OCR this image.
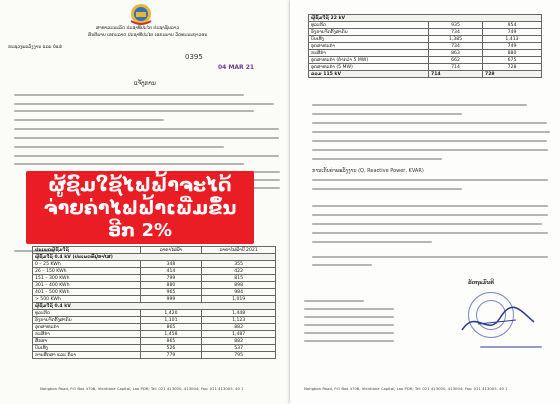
ສາທາລະນະລັດ ປະຊາທິປະໄຕ ປະຊາຊົນລາວ
ສັນຕິພາບ ເອກະລາດ ປະຊາທິປະໄຕ ເອກະພາບ ວັດທະນະຖາວອນ
ກະຊວງພະລັງງານ ແລະ ບໍ່ແຮ່
0395
04 MAR 21
ແຈ້ງການ
ປະເພດຜູ້ຊົມໃຊ້	ລາຄາໄຟຟ້າ	ລາຄາໄຟຟ້າປີ 2021
ຜູ້ຊົມໃຊ້ 0.4 kV (ປະເພດທີ່ຢູ່ອາໄສ)		
0 – 25 KWh	348	355
26 – 150 KWh	414	422
151 – 300 KWh	799	815
301 – 400 KWh	880	898
401 – 500 KWh	965	984
> 500 KWh	999	1,019
ຜູ້ຊົມໃຊ້ 0.4 kV		
ທຸລະກິດ	1,420	1,448
ອົງການຈັດຕັ້ງສາກົນ	1,101	1,123
ອຸດສາຫະກຳ	865	882
ກະສິກຳ	1,458	1,487
ສຶກສາ	865	882
ບັນເທີງ	526	537
ການສຶກສາ ແລະ ກິລາ	779	795
Nongbon Road, P.O Box 4708, Vientiane Capital, Lao PDR; Tel: 021 413000, 413004; Fax: 021 413005, 40 1
ຜູ້ຊົມໃຊ້ໄຟຟ້າຈະໄດ້
ຈ່າຍຄ່າໄຟຟ້າເພີ່ມຂຶ້ນ
ອີກ 2%
ຜູ້ຊົມໃຊ້ 22 kV		
ທຸລະກິດ	935	954
ອົງການຈັດຕັ້ງສາກົນ	734	749
ບັນເທີງ	1,385	1,413
ອຸດສາຫະກຳ	734	749
ກະສິກຳ	863	880
ອຸດສາຫະກຳ (ຕໍ່າກວ່າ 5 MW)	662	675
ອຸດສາຫະກຳ (5 MW)	714	728
ລວມ 115 kV	714	728
ການເກັບຄ່າພະລັງງານ (Q, Reactive Power, KVAR)
ລັດຖະມົນຕີ
Nongbon Road, P.O Box 4708, Vientiane Capital, Lao PDR; Tel: 021 413000, 413004; Fax: 021 413005, 40 1
